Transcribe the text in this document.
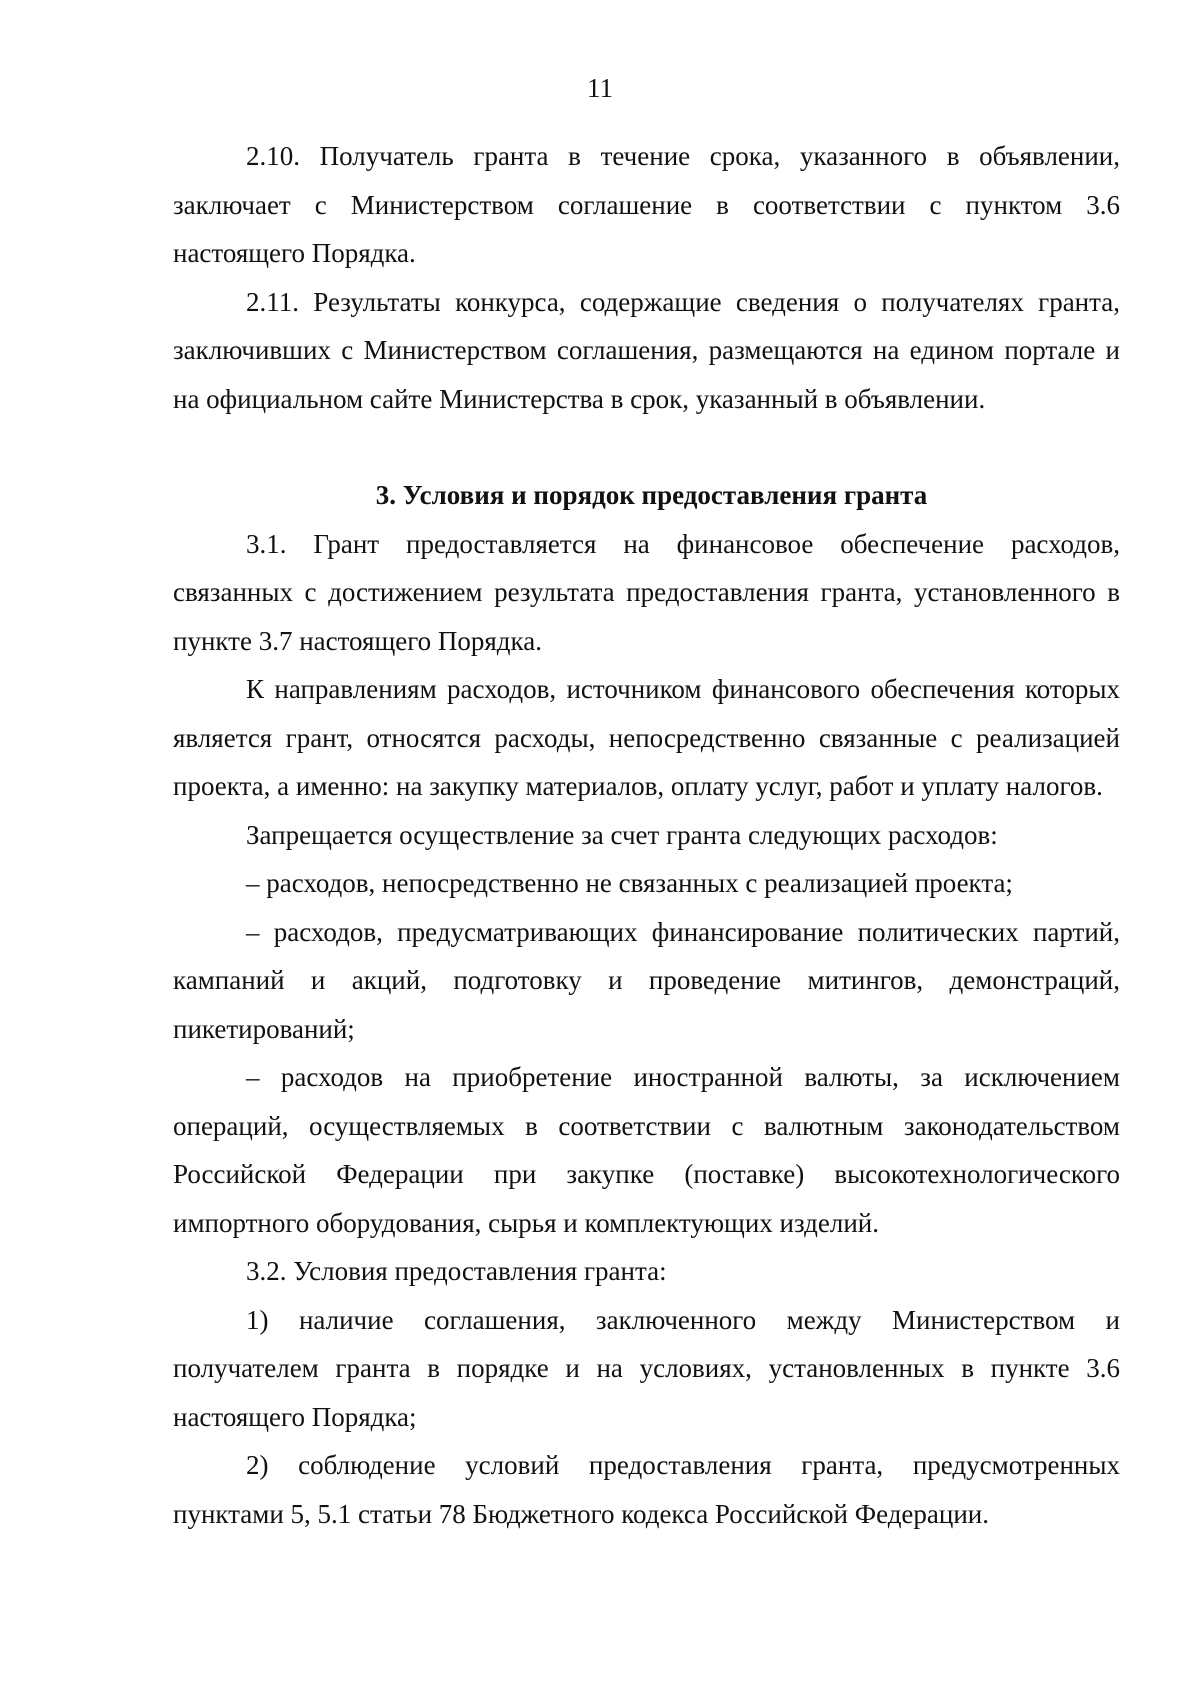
11

2.10. Получатель гранта в течение срока, указанного в объявлении, заключает с Министерством соглашение в соответствии с пунктом 3.6 настоящего Порядка.

2.11. Результаты конкурса, содержащие сведения о получателях гранта, заключивших с Министерством соглашения, размещаются на едином портале и на официальном сайте Министерства в срок, указанный в объявлении.

3. Условия и порядок предоставления гранта

3.1. Грант предоставляется на финансовое обеспечение расходов, связанных с достижением результата предоставления гранта, установленного в пункте 3.7 настоящего Порядка.

К направлениям расходов, источником финансового обеспечения которых является грант, относятся расходы, непосредственно связанные с реализацией проекта, а именно: на закупку материалов, оплату услуг, работ и уплату налогов.

Запрещается осуществление за счет гранта следующих расходов:

– расходов, непосредственно не связанных с реализацией проекта;

– расходов, предусматривающих финансирование политических партий, кампаний и акций, подготовку и проведение митингов, демонстраций, пикетирований;

– расходов на приобретение иностранной валюты, за исключением операций, осуществляемых в соответствии с валютным законодательством Российской Федерации при закупке (поставке) высокотехнологического импортного оборудования, сырья и комплектующих изделий.

3.2. Условия предоставления гранта:

1) наличие соглашения, заключенного между Министерством и получателем гранта в порядке и на условиях, установленных в пункте 3.6 настоящего Порядка;

2) соблюдение условий предоставления гранта, предусмотренных пунктами 5, 5.1 статьи 78 Бюджетного кодекса Российской Федерации.
